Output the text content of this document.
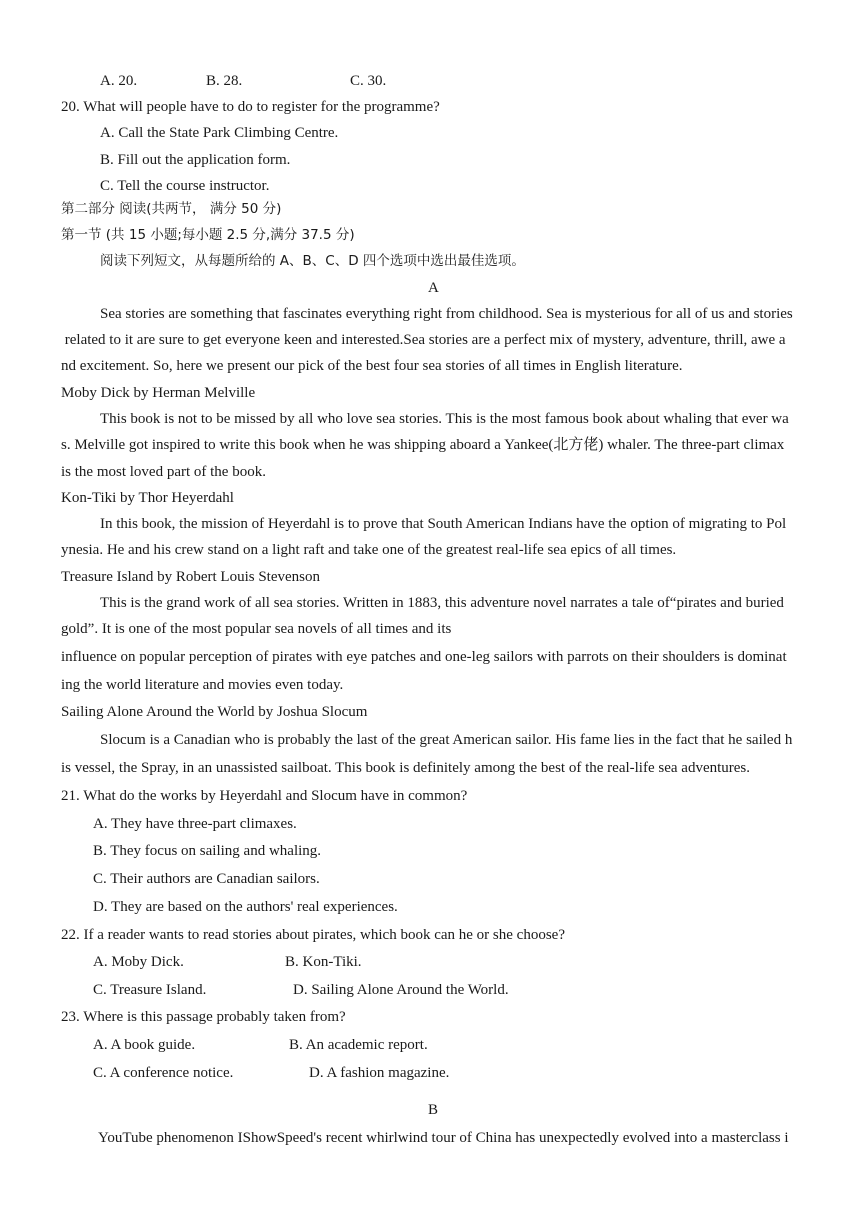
A. 20.	B. 28.	C. 30.
20. What will people have to do to register for the programme?
A. Call the State Park Climbing Centre.
B. Fill out the application form.
C. Tell the course instructor.
第二部分 阅读(共两节， 满分 50 分)
第一节 (共 15 小题;每小题 2.5 分,满分 37.5 分)
阅读下列短文，从每题所给的 A、B、C、D 四个选项中选出最佳选项。
A
Sea stories are something that fascinates everything right from childhood. Sea is mysterious for all of us and stories
related to it are sure to get everyone keen and interested.Sea stories are a perfect mix of mystery, adventure, thrill, awe a
nd excitement. So, here we present our pick of the best four sea stories of all times in English literature.
Moby Dick by Herman Melville
This book is not to be missed by all who love sea stories. This is the most famous book about whaling that ever wa
s. Melville got inspired to write this book when he was shipping aboard a Yankee(北方佬) whaler. The three-part climax
is the most loved part of the book.
Kon-Tiki by Thor Heyerdahl
In this book, the mission of Heyerdahl is to prove that South American Indians have the option of migrating to Pol
ynesia. He and his crew stand on a light raft and take one of the greatest real-life sea epics of all times.
Treasure Island by Robert Louis Stevenson
This is the grand work of all sea stories. Written in 1883, this adventure novel narrates a tale of“pirates and buried
gold”. It is one of the most popular sea novels of all times and its
influence on popular perception of pirates with eye patches and one-leg sailors with parrots on their shoulders is dominat
ing the world literature and movies even today.
Sailing Alone Around the World by Joshua Slocum
Slocum is a Canadian who is probably the last of the great American sailor. His fame lies in the fact that he sailed h
is vessel, the Spray, in an unassisted sailboat. This book is definitely among the best of the real-life sea adventures.
21. What do the works by Heyerdahl and Slocum have in common?
A. They have three-part climaxes.
B. They focus on sailing and whaling.
C. Their authors are Canadian sailors.
D. They are based on the authors' real experiences.
22. If a reader wants to read stories about pirates, which book can he or she choose?
A. Moby Dick.	B. Kon-Tiki.
C. Treasure Island.	D. Sailing Alone Around the World.
23. Where is this passage probably taken from?
A. A book guide.	B. An academic report.
C. A conference notice.	D. A fashion magazine.
B
YouTube phenomenon IShowSpeed's recent whirlwind tour of China has unexpectedly evolved into a masterclass i
